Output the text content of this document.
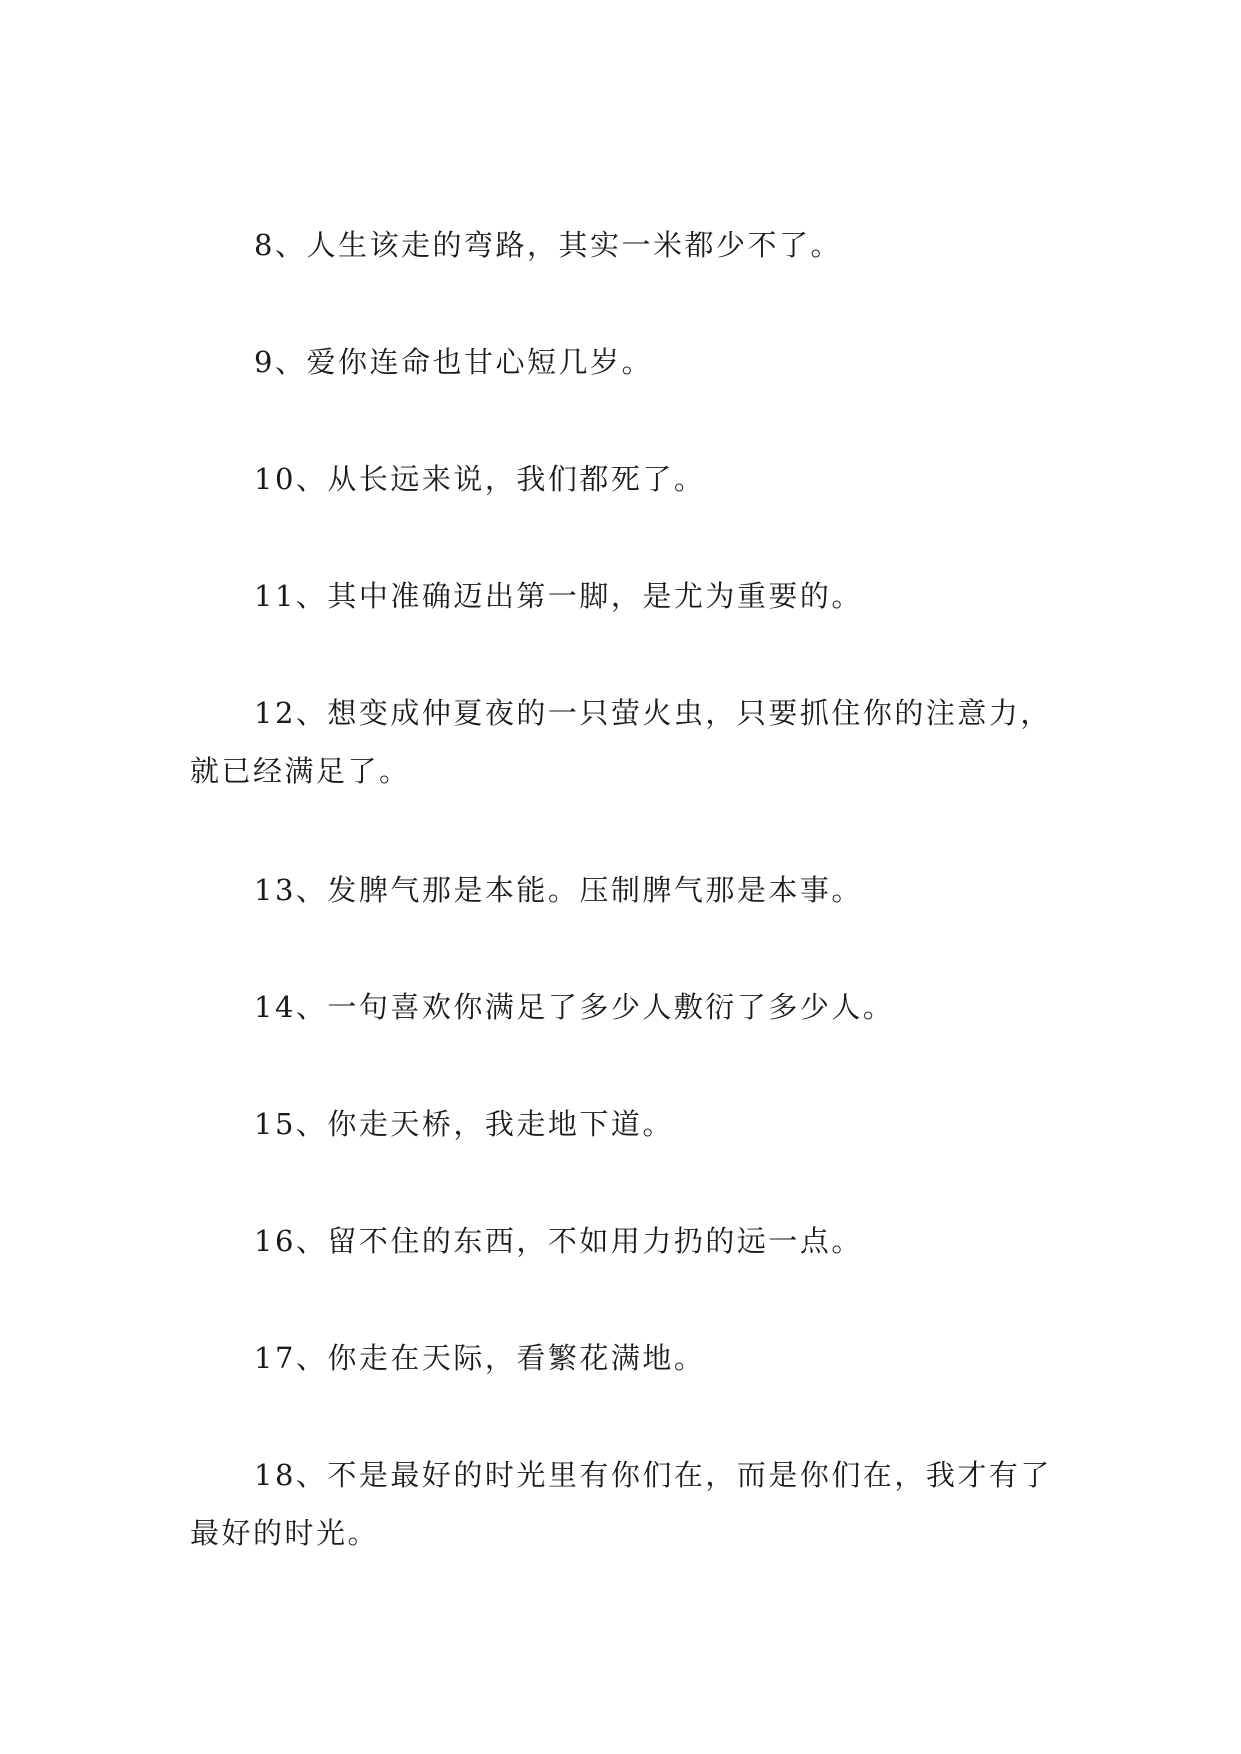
8、人生该走的弯路，其实一米都少不了。

9、爱你连命也甘心短几岁。

10、从长远来说，我们都死了。

11、其中准确迈出第一脚，是尤为重要的。

12、想变成仲夏夜的一只萤火虫，只要抓住你的注意力，就已经满足了。

13、发脾气那是本能。压制脾气那是本事。

14、一句喜欢你满足了多少人敷衍了多少人。

15、你走天桥，我走地下道。

16、留不住的东西，不如用力扔的远一点。

17、你走在天际，看繁花满地。

18、不是最好的时光里有你们在，而是你们在，我才有了最好的时光。
